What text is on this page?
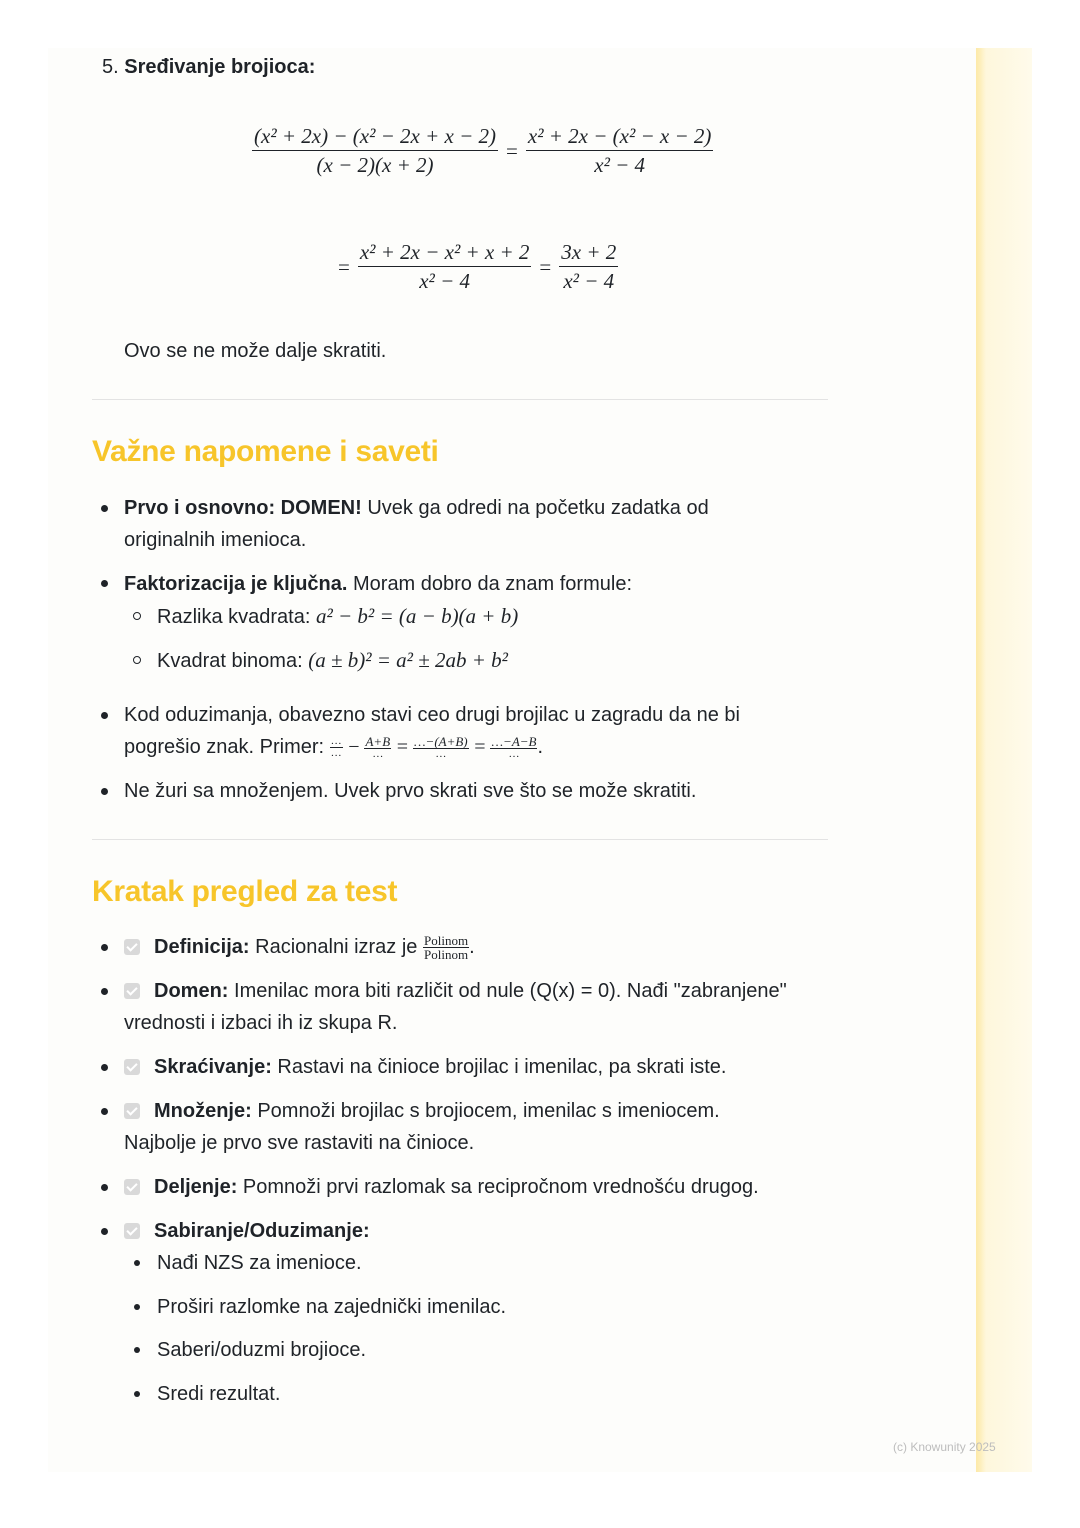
5. Sređivanje brojioca:
$\frac{\text{(x² + 2x) − (x² − 2x + x − 2)}}{(x - 2)(x + 2)} = \frac{\text{x² + 2x − (x² − x − 2)}}{\text{x² − 4}}$
= $\frac{\text{x² + 2x − x² + x + 2}}{\text{x² − 4}} = \frac{3x + 2}{\text{x² − 4}}$
Ovo se ne može dalje skratiti.
Važne napomene i saveti
Prvo i osnovno: DOMEN! Uvek ga odredi na početku zadatka od originalnih imenioca.
Faktorizacija je ključna. Moram dobro da znam formule:
Razlika kvadrata: a² − b² = (a − b)(a + b)
Kvadrat binoma: (a ± b)² = a² ± 2ab + b²
Kod oduzimanja, obavezno stavi ceo drugi brojilac u zagradu da ne bi pogrešio znak. Primer: …
… − A+B
… = …−(A+B)
… = …−A−B
… .
Ne žuri sa množenjem. Uvek prvo skrati sve što se može skratiti.
Kratak pregled za test
Definicija: Racionalni izraz je Polinom
Polinom .
Domen: Imenilac mora biti različit od nule (Q(x) = 0). Nađi "zabranjene" vrednosti i izbaci ih iz skupa R.
Skraćivanje: Rastavi na činioce brojilac i imenilac, pa skrati iste.
Množenje: Pomnoži brojilac s brojiocem, imenilac s imeniocem. Najbolje je prvo sve rastaviti na činioce.
Deljenje: Pomnoži prvi razlomak sa recipročnom vrednošću drugog.
Sabiranje/Oduzimanje:
Nađi NZS za imenioce.
Proširi razlomke na zajednički imenilac.
Saberi/oduzmi brojioce.
Sredi rezultat.
(c) Knowunity 2025
